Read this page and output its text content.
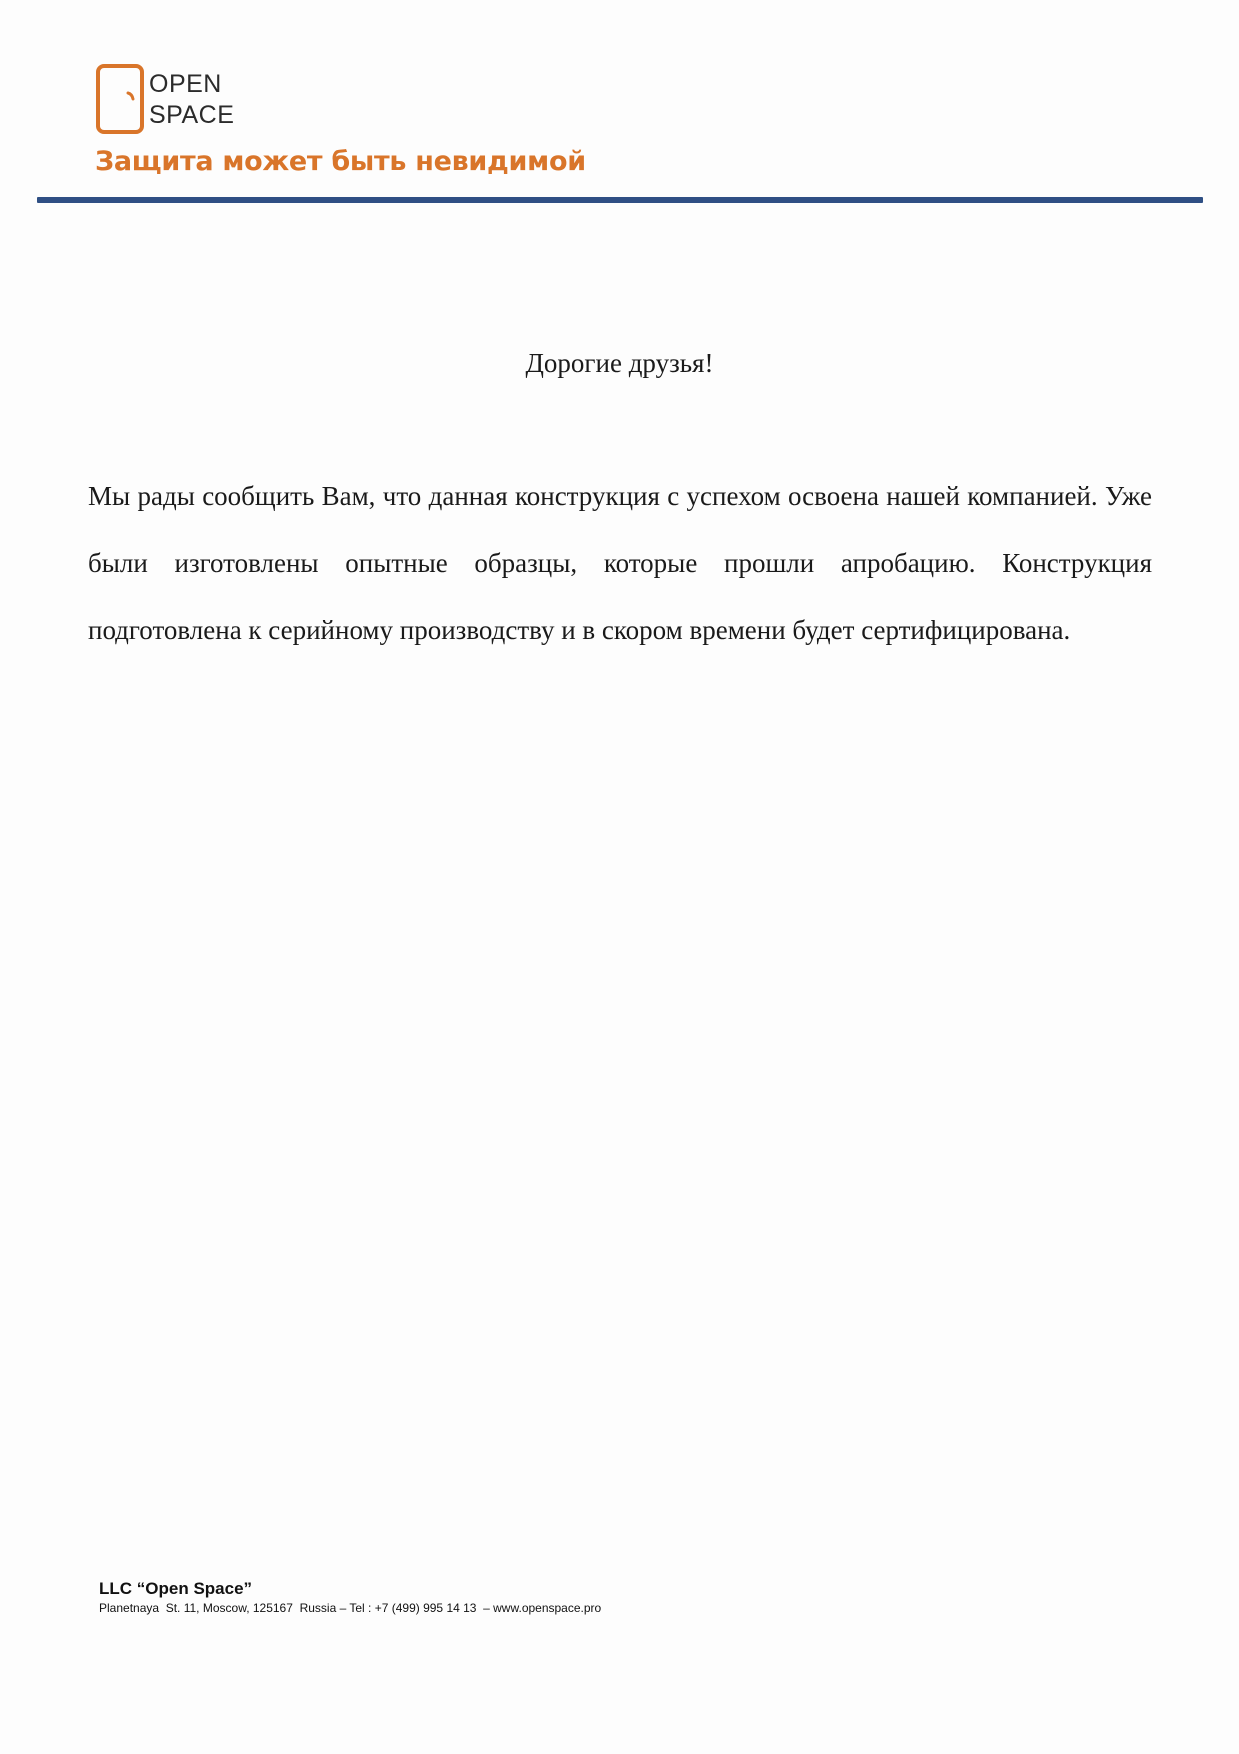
OPEN
SPACE
Защита может быть невидимой
Дорогие друзья!

Мы рады сообщить Вам, что данная конструкция с успехом освоена нашей компанией. Уже были изготовлены опытные образцы, которые прошли апробацию. Конструкция подготовлена к серийному производству и в скором времени будет сертифицирована.

LLC “Open Space”
Planetnaya  St. 11, Moscow, 125167  Russia – Tel : +7 (499) 995 14 13  – www.openspace.pro
